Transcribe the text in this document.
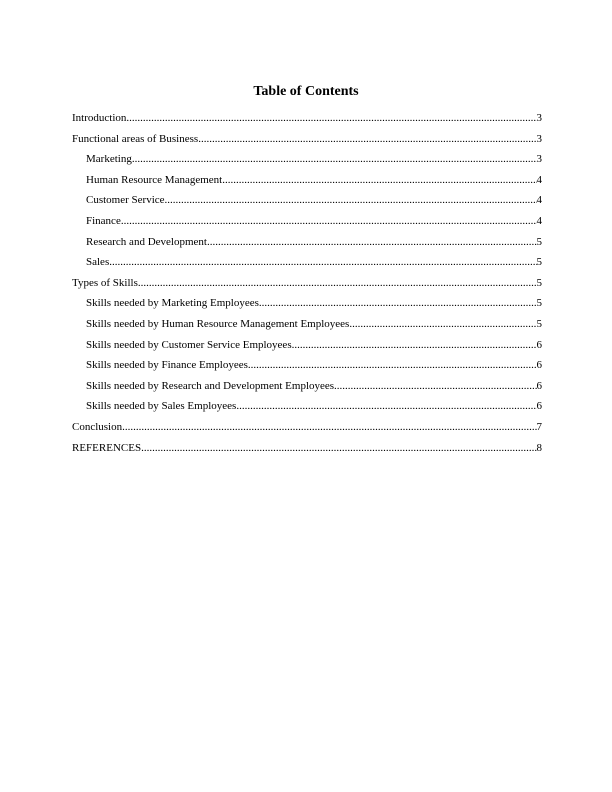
Table of Contents
Introduction .....	3
Functional areas of Business .....	3
Marketing .....	3
Human Resource Management .....	4
Customer Service .....	4
Finance .....	4
Research and Development .....	5
Sales .....	5
Types of Skills .....	5
Skills needed by Marketing Employees .....	5
Skills needed by Human Resource Management Employees .....	5
Skills needed by Customer Service Employees .....	6
Skills needed by Finance Employees .....	6
Skills needed by Research and Development Employees .....	6
Skills needed by Sales Employees .....	6
Conclusion .....	7
REFERENCES .....	8
